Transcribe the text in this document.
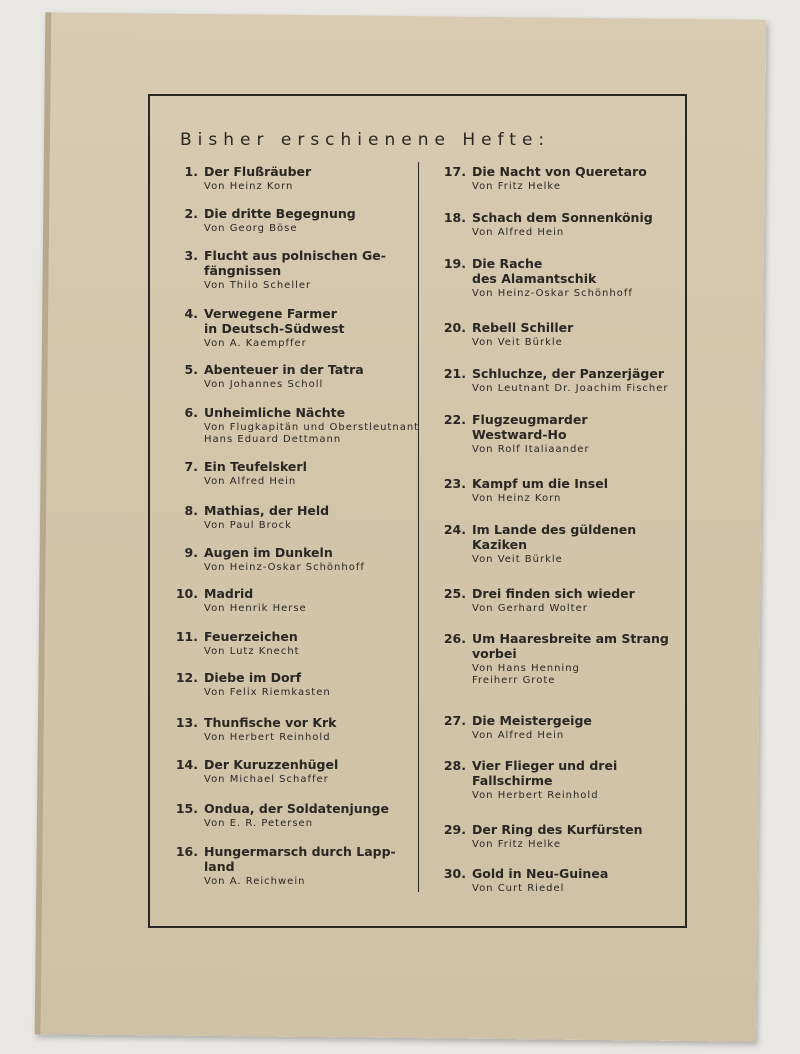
Bisher erschienene Hefte:
1. Der Flußräuber
Von Heinz Korn
2. Die dritte Begegnung
Von Georg Böse
3. Flucht aus polnischen Ge-
fängnissen
Von Thilo Scheller
4. Verwegene Farmer
in Deutsch-Südwest
Von A. Kaempffer
5. Abenteuer in der Tatra
Von Johannes Scholl
6. Unheimliche Nächte
Von Flugkapitän und Oberstleutnant
Hans Eduard Dettmann
7. Ein Teufelskerl
Von Alfred Hein
8. Mathias, der Held
Von Paul Brock
9. Augen im Dunkeln
Von Heinz-Oskar Schönhoff
10. Madrid
Von Henrik Herse
11. Feuerzeichen
Von Lutz Knecht
12. Diebe im Dorf
Von Felix Riemkasten
13. Thunfische vor Krk
Von Herbert Reinhold
14. Der Kuruzzenhügel
Von Michael Schaffer
15. Ondua, der Soldatenjunge
Von E. R. Petersen
16. Hungermarsch durch Lapp-
land
Von A. Reichwein
17. Die Nacht von Queretaro
Von Fritz Helke
18. Schach dem Sonnenkönig
Von Alfred Hein
19. Die Rache
des Alamantschik
Von Heinz-Oskar Schönhoff
20. Rebell Schiller
Von Veit Bürkle
21. Schluchze, der Panzerjäger
Von Leutnant Dr. Joachim Fischer
22. Flugzeugmarder
Westward-Ho
Von Rolf Italiaander
23. Kampf um die Insel
Von Heinz Korn
24. Im Lande des güldenen
Kaziken
Von Veit Bürkle
25. Drei finden sich wieder
Von Gerhard Wolter
26. Um Haaresbreite am Strang
vorbei
Von Hans Henning
Freiherr Grote
27. Die Meistergeige
Von Alfred Hein
28. Vier Flieger und drei
Fallschirme
Von Herbert Reinhold
29. Der Ring des Kurfürsten
Von Fritz Helke
30. Gold in Neu-Guinea
Von Curt Riedel
